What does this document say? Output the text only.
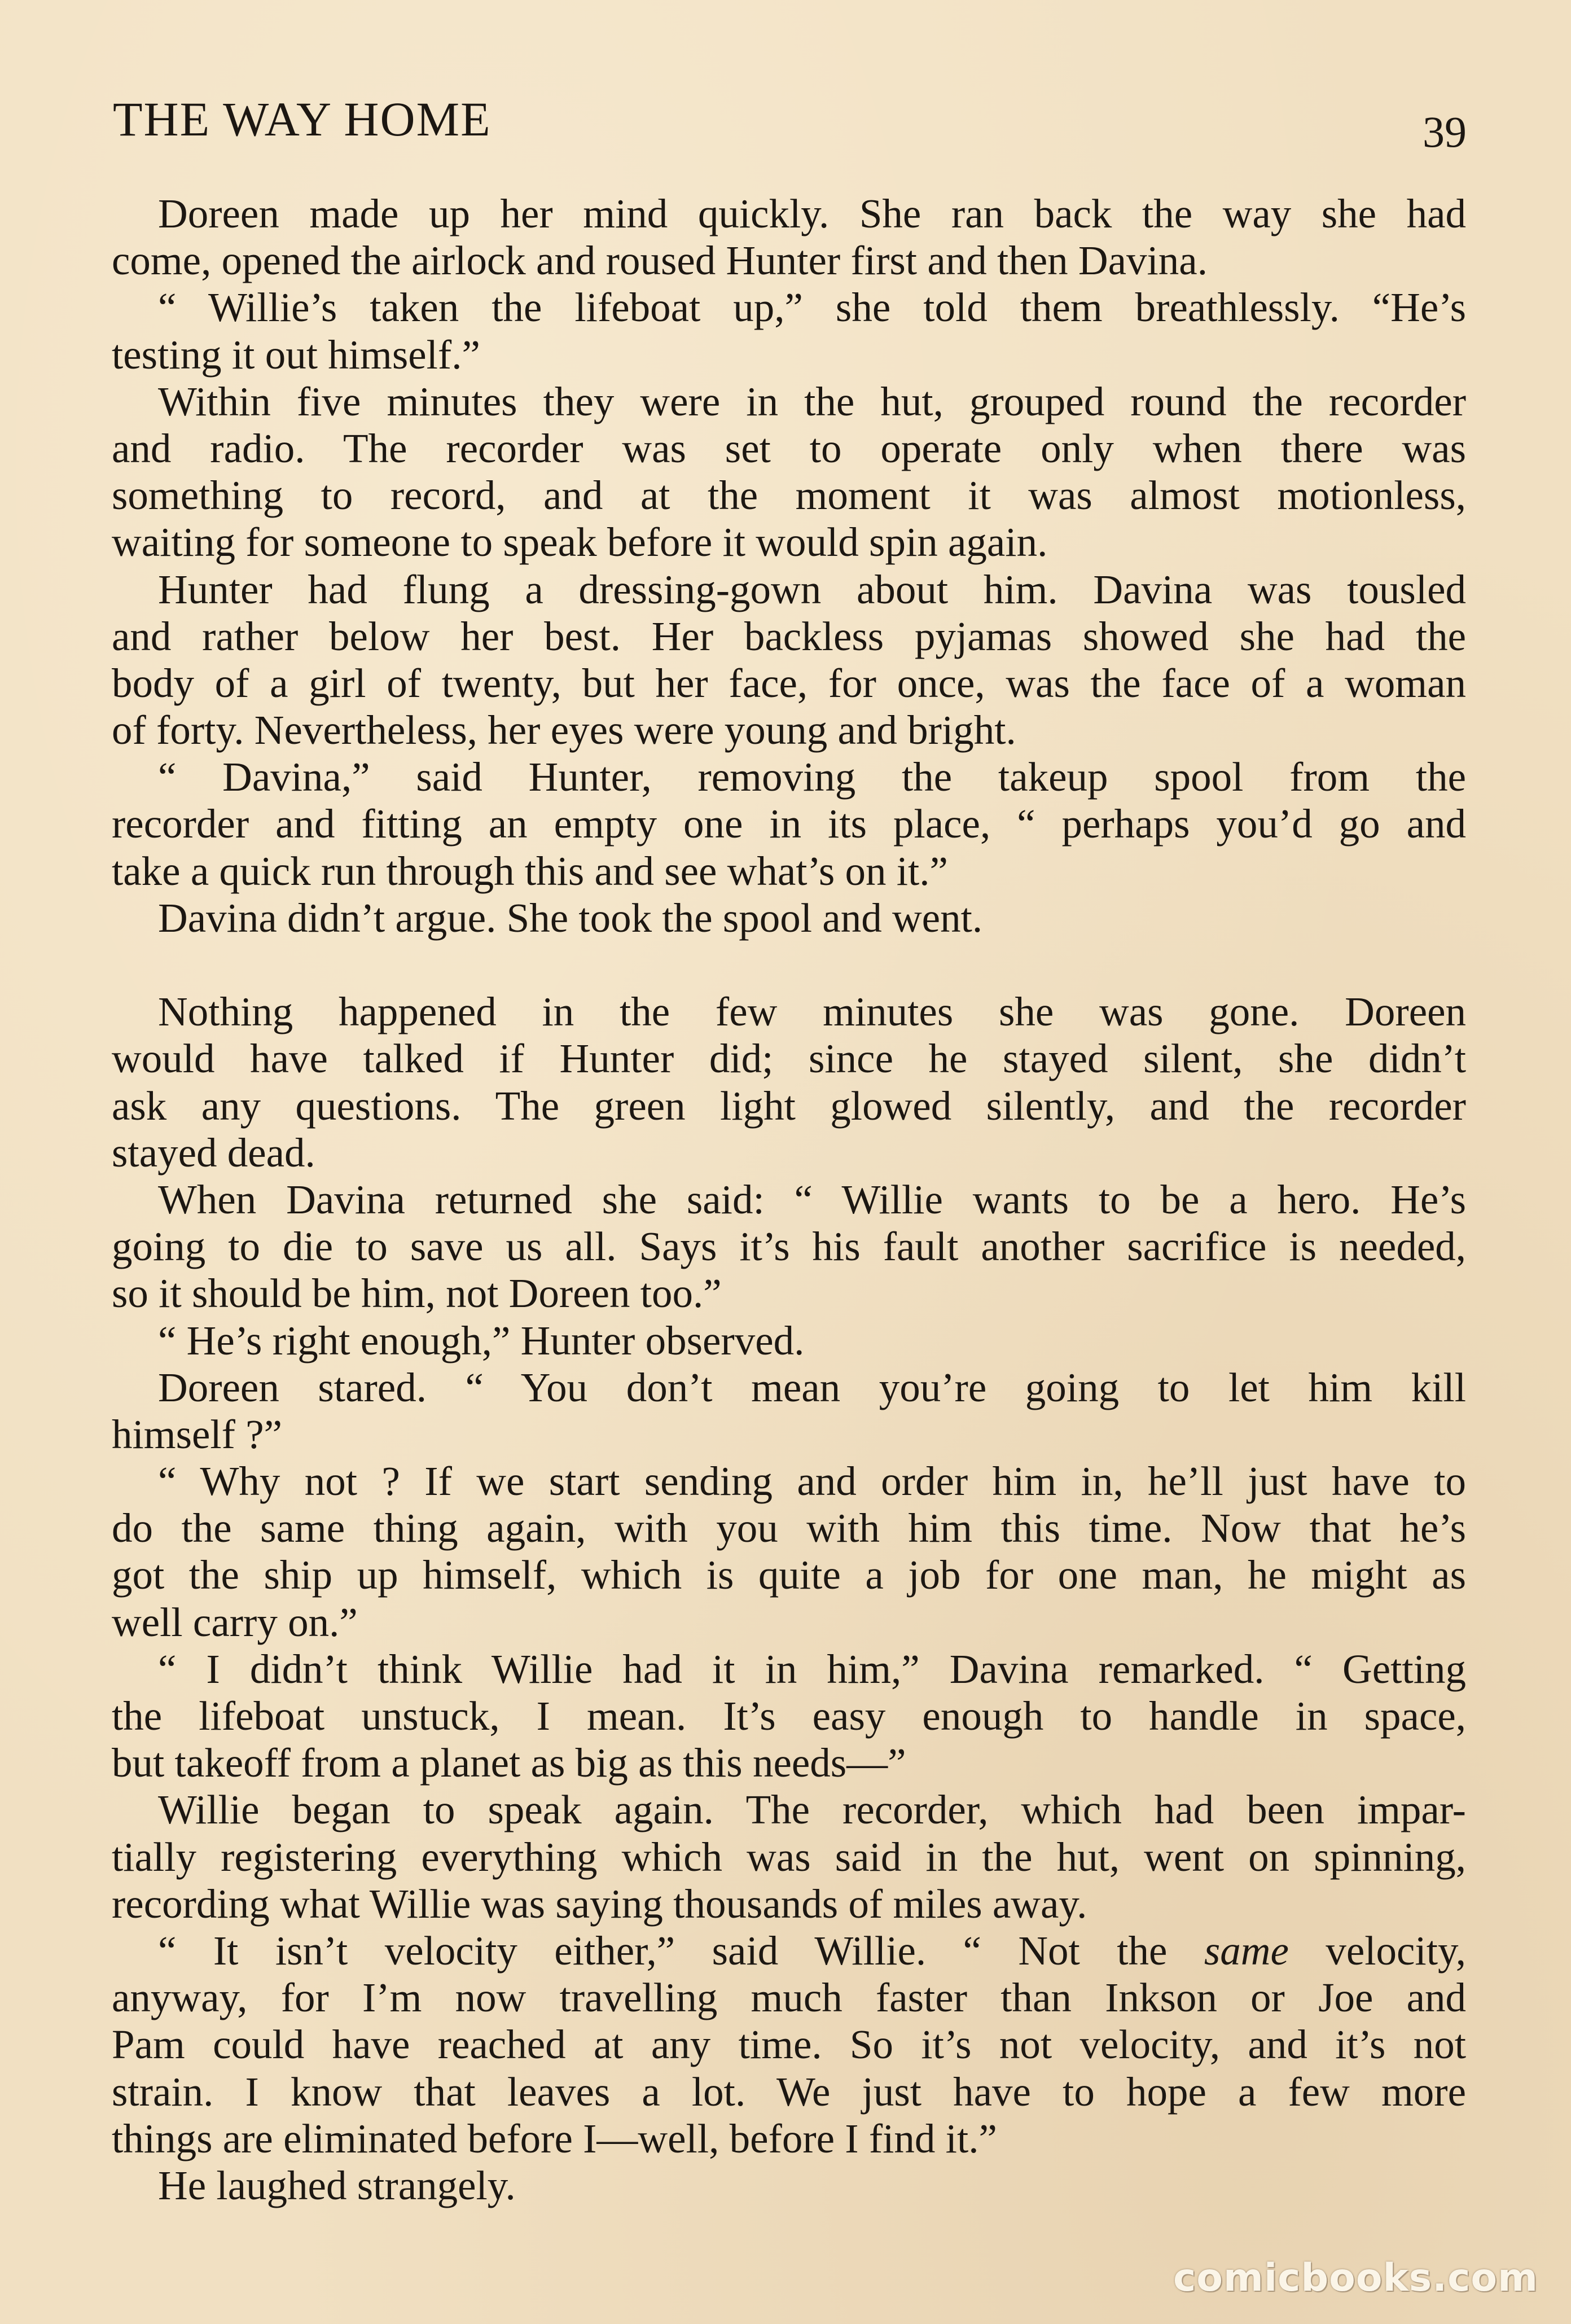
THE WAY HOME	39
Doreen made up her mind quickly. She ran back the way she had
come, opened the airlock and roused Hunter first and then Davina.
“ Willie’s taken the lifeboat up,” she told them breathlessly. “He’s
testing it out himself.”
Within five minutes they were in the hut, grouped round the recorder
and radio. The recorder was set to operate only when there was
something to record, and at the moment it was almost motionless,
waiting for someone to speak before it would spin again.
Hunter had flung a dressing-gown about him. Davina was tousled
and rather below her best. Her backless pyjamas showed she had the
body of a girl of twenty, but her face, for once, was the face of a woman
of forty. Nevertheless, her eyes were young and bright.
“ Davina,” said Hunter, removing the takeup spool from the
recorder and fitting an empty one in its place, “ perhaps you’d go and
take a quick run through this and see what’s on it.”
Davina didn’t argue. She took the spool and went.
Nothing happened in the few minutes she was gone. Doreen
would have talked if Hunter did; since he stayed silent, she didn’t
ask any questions. The green light glowed silently, and the recorder
stayed dead.
When Davina returned she said: “ Willie wants to be a hero. He’s
going to die to save us all. Says it’s his fault another sacrifice is needed,
so it should be him, not Doreen too.”
“ He’s right enough,” Hunter observed.
Doreen stared. “ You don’t mean you’re going to let him kill
himself ?”
“ Why not ? If we start sending and order him in, he’ll just have to
do the same thing again, with you with him this time. Now that he’s
got the ship up himself, which is quite a job for one man, he might as
well carry on.”
“ I didn’t think Willie had it in him,” Davina remarked. “ Getting
the lifeboat unstuck, I mean. It’s easy enough to handle in space,
but takeoff from a planet as big as this needs—”
Willie began to speak again. The recorder, which had been impar-
tially registering everything which was said in the hut, went on spinning,
recording what Willie was saying thousands of miles away.
“ It isn’t velocity either,” said Willie. “ Not the same velocity,
anyway, for I’m now travelling much faster than Inkson or Joe and
Pam could have reached at any time. So it’s not velocity, and it’s not
strain. I know that leaves a lot. We just have to hope a few more
things are eliminated before I—well, before I find it.”
He laughed strangely.
comicbooks.com
